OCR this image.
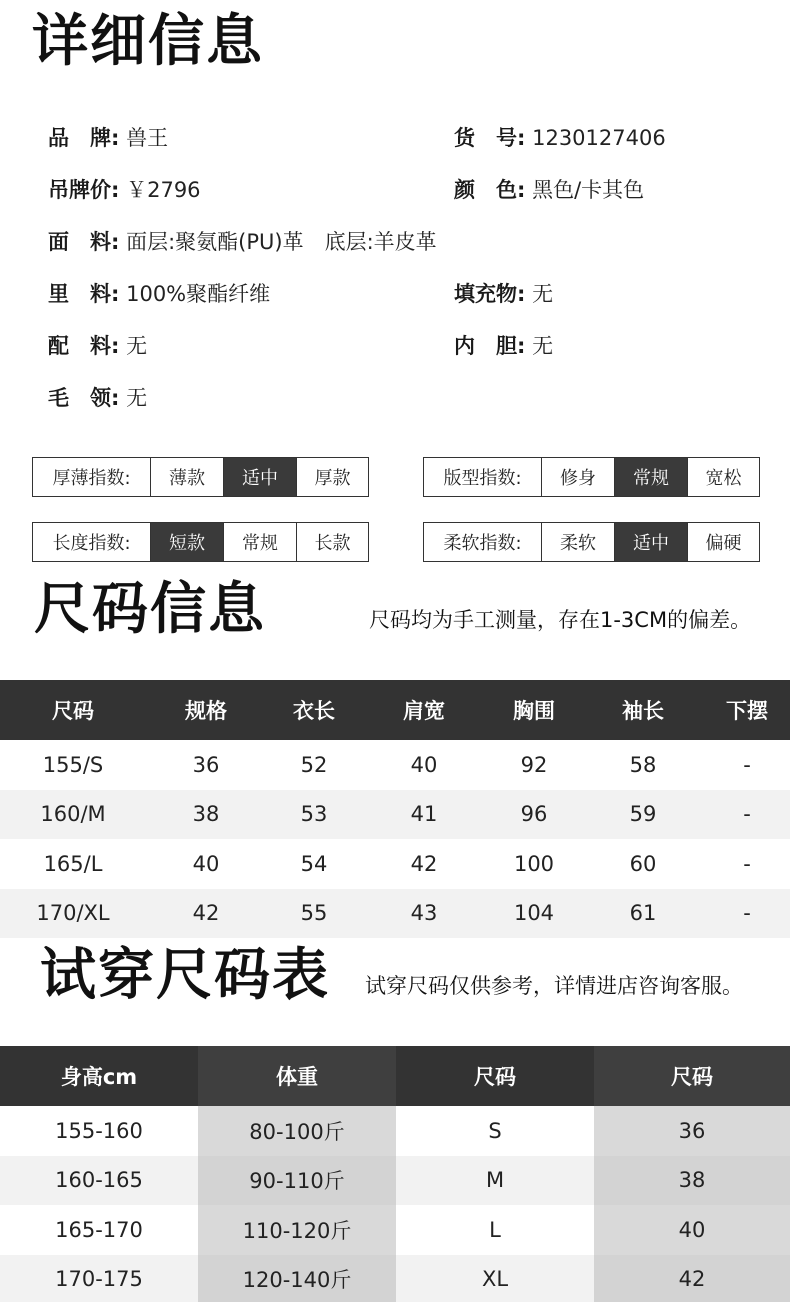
详细信息
品　牌: 兽王	货　号: 1230127406
吊牌价: ￥2796	颜　色: 黑色/卡其色
面　料: 面层:聚氨酯(PU)革　底层:羊皮革
里　料: 100%聚酯纤维	填充物: 无
配　料: 无	内　胆: 无
毛　领: 无
厚薄指数:	薄款	适中	厚款	版型指数:	修身	常规	宽松
长度指数:	短款	常规	长款	柔软指数:	柔软	适中	偏硬
尺码信息	尺码均为手工测量，存在1-3CM的偏差。
尺码	规格	衣长	肩宽	胸围	袖长	下摆
155/S	36	52	40	92	58	-
160/M	38	53	41	96	59	-
165/L	40	54	42	100	60	-
170/XL	42	55	43	104	61	-
试穿尺码表 试穿尺码仅供参考，详情进店咨询客服。
身高cm	体重	尺码	尺码
155-160	80-100斤	S	36
160-165	90-110斤	M	38
165-170	110-120斤	L	40
170-175	120-140斤	XL	42
